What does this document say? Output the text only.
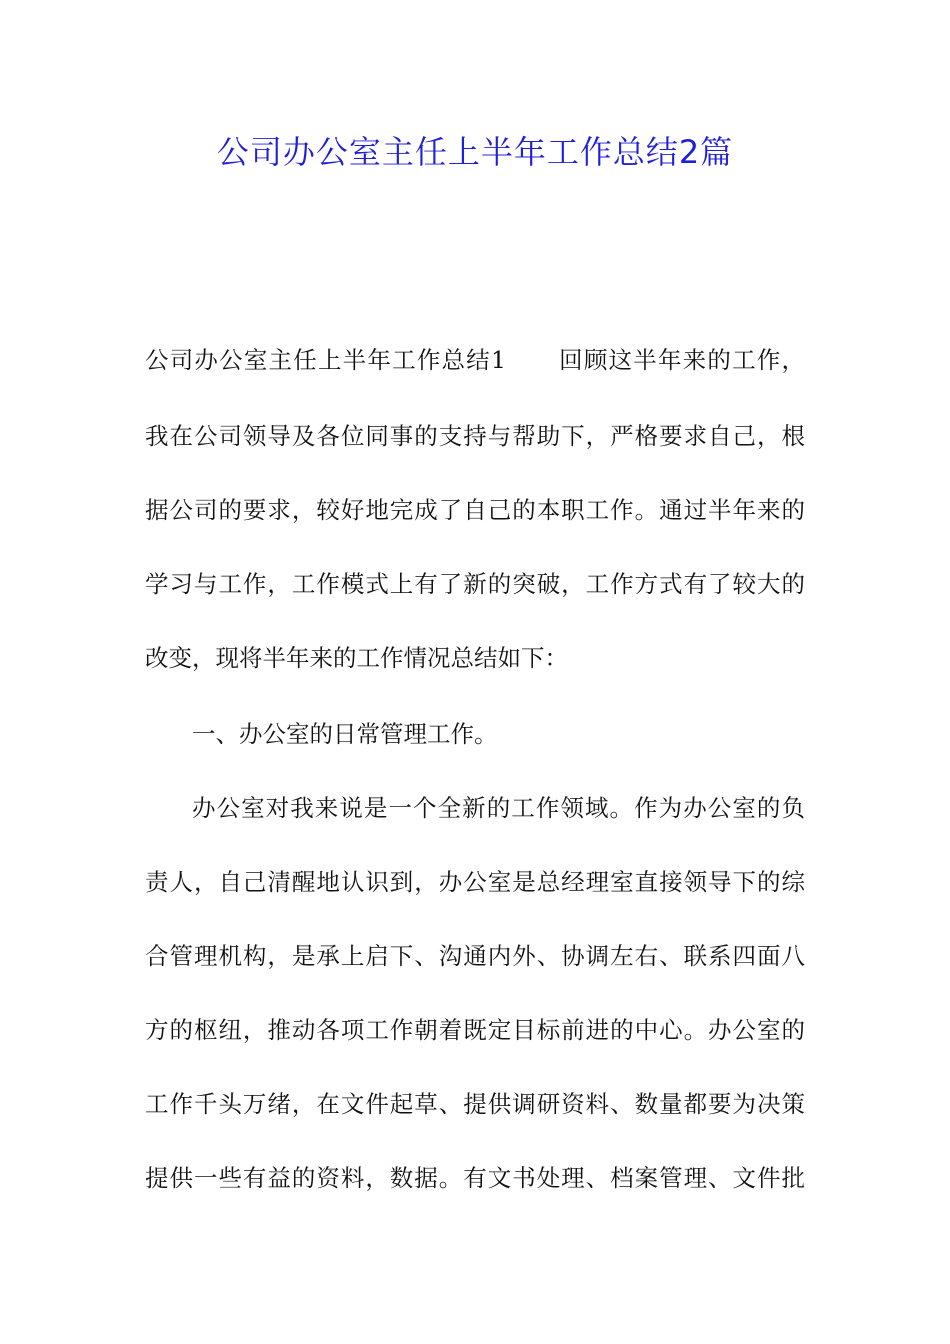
公司办公室主任上半年工作总结2篇
公司办公室主任上半年工作总结1 回顾这半年来的工作，
我在公司领导及各位同事的支持与帮助下，严格要求自己，根
据公司的要求，较好地完成了自己的本职工作。通过半年来的
学习与工作，工作模式上有了新的突破，工作方式有了较大的
改变，现将半年来的工作情况总结如下：
一、办公室的日常管理工作。
办公室对我来说是一个全新的工作领域。作为办公室的负
责人，自己清醒地认识到，办公室是总经理室直接领导下的综
合管理机构，是承上启下、沟通内外、协调左右、联系四面八
方的枢纽，推动各项工作朝着既定目标前进的中心。办公室的
工作千头万绪，在文件起草、提供调研资料、数量都要为决策
提供一些有益的资料，数据。有文书处理、档案管理、文件批
